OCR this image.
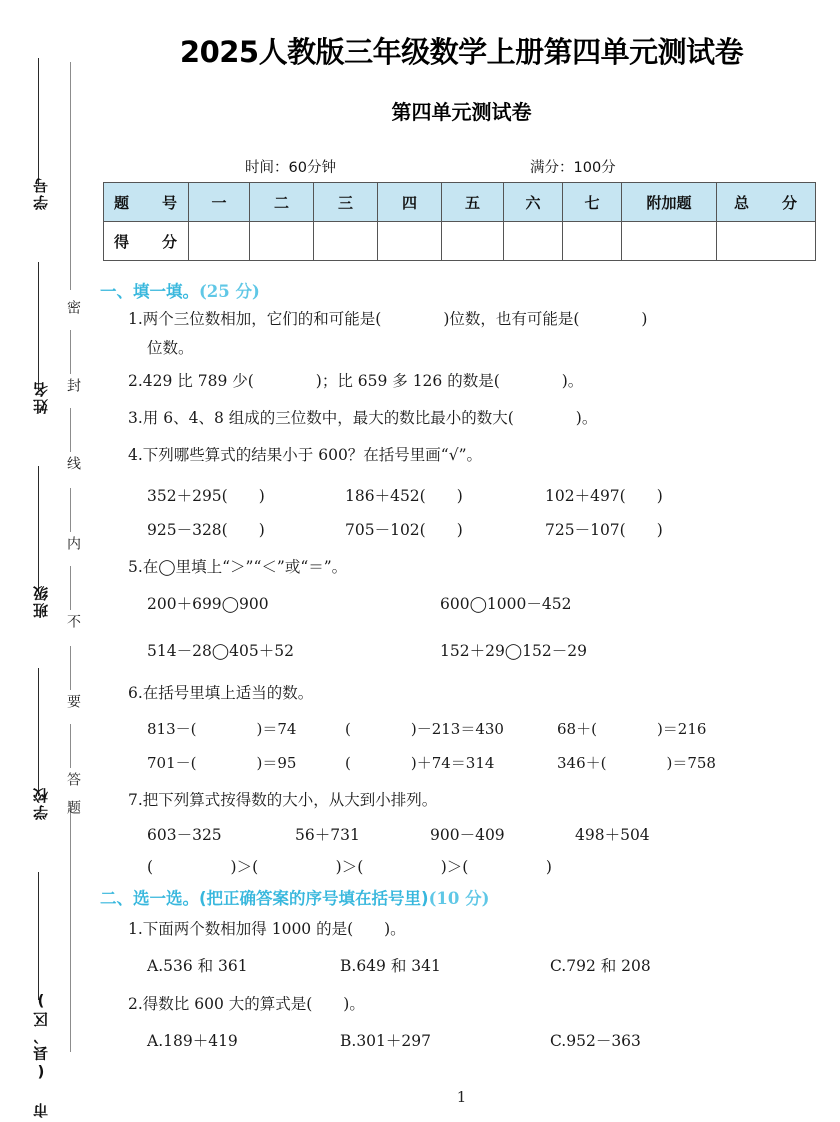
学号
姓名
班级
学校
市 (县、区)
密
封
线
内
不
要
答
题
2025人教版三年级数学上册第四单元测试卷
第四单元测试卷
时间：60分钟	满分：100分
题　号	一	二	三	四	五	六	七	附加题	总　分
得　分									
一、填一填。(25 分)
1.两个三位数相加，它们的和可能是(　　　　)位数，也有可能是(　　　　)
位数。
2.429 比 789 少(　　　　)；比 659 多 126 的数是(　　　　)。
3.用 6、4、8 组成的三位数中，最大的数比最小的数大(　　　　)。
4.下列哪些算式的结果小于 600？在括号里画“√”。
352＋295(　　)	186＋452(　　)	102＋497(　　)
925－328(　　)	705－102(　　)	725－107(　　)
5.在◯里填上“＞”“＜”或“＝”。
200＋699◯900	600◯1000－452
514－28◯405＋52	152＋29◯152－29
6.在括号里填上适当的数。
813－(　　　　)＝74	(　　　　)－213＝430	68＋(　　　　)＝216
701－(　　　　)＝95	(　　　　)＋74＝314	346＋(　　　　)＝758
7.把下列算式按得数的大小，从大到小排列。
603－325	56＋731	900－409	498＋504
(　　　　　)＞(　　　　　)＞(　　　　　)＞(　　　　　)
二、选一选。(把正确答案的序号填在括号里)(10 分)
1.下面两个数相加得 1000 的是(　　)。
A.536 和 361	B.649 和 341	C.792 和 208
2.得数比 600 大的算式是(　　)。
A.189＋419	B.301＋297	C.952－363
1
